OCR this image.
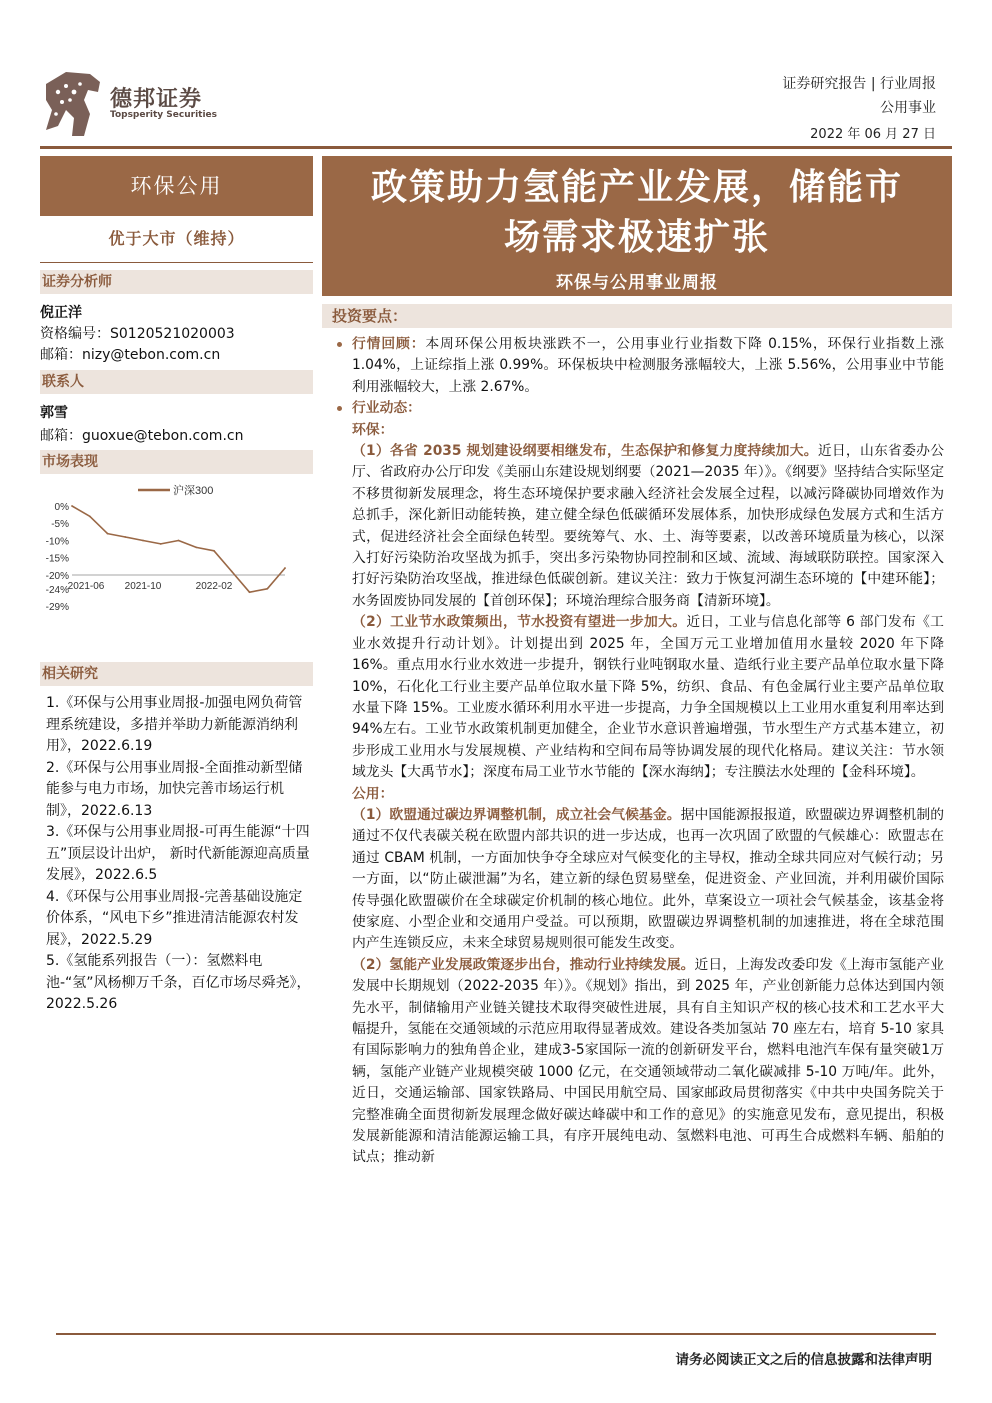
德邦证券
Topsperity Securities
证券研究报告 | 行业周报
公用事业
2022 年 06 月 27 日
环保公用
优于大市（维持）
证券分析师
倪正洋
资格编号：S0120521020003
邮箱：nizy@tebon.com.cn
联系人
郭雪
邮箱：guoxue@tebon.com.cn
市场表现
沪深300
0%
-5%
-10%
-15%
-20%
-24%
-29%
2021-06 2021-10	2022-02
相关研究
1.《环保与公用事业周报-加强电网负荷管理系统建设，多措并举助力新能源消纳利用》，2022.6.19
2.《环保与公用事业周报-全面推动新型储能参与电力市场，加快完善市场运行机制》，2022.6.13
3.《环保与公用事业周报-可再生能源“十四五”顶层设计出炉， 新时代新能源迎高质量发展》，2022.6.5
4.《环保与公用事业周报-完善基础设施定价体系，“风电下乡”推进清洁能源农村发展》，2022.5.29
5.《氢能系列报告（一）：氢燃料电池-“氢”风杨柳万千条，百亿市场尽舜尧》，2022.5.26
政策助力氢能产业发展，储能市
场需求极速扩张
环保与公用事业周报
投资要点：

行情回顾：本周环保公用板块涨跌不一，公用事业行业指数下降 0.15%，环保行业指数上涨 1.04%，上证综指上涨 0.99%。环保板块中检测服务涨幅较大，上涨 5.56%，公用事业中节能利用涨幅较大，上涨 2.67%。

行业动态：

环保：

（1）各省 2035 规划建设纲要相继发布，生态保护和修复力度持续加大。近日，山东省委办公厅、省政府办公厅印发《美丽山东建设规划纲要（2021—2035 年）》。《纲要》坚持结合实际坚定不移贯彻新发展理念，将生态环境保护要求融入经济社会发展全过程，以减污降碳协同增效作为总抓手，深化新旧动能转换，建立健全绿色低碳循环发展体系，加快形成绿色发展方式和生活方式，促进经济社会全面绿色转型。要统筹气、水、土、海等要素，以改善环境质量为核心，以深入打好污染防治攻坚战为抓手，突出多污染物协同控制和区域、流域、海域联防联控。国家深入打好污染防治攻坚战，推进绿色低碳创新。建议关注：致力于恢复河湖生态环境的【中建环能】；水务固废协同发展的【首创环保】；环境治理综合服务商【清新环境】。

（2）工业节水政策频出，节水投资有望进一步加大。近日，工业与信息化部等 6 部门发布《工业水效提升行动计划》。计划提出到 2025 年，全国万元工业增加值用水量较 2020 年下降 16%。重点用水行业水效进一步提升，钢铁行业吨钢取水量、造纸行业主要产品单位取水量下降 10%，石化化工行业主要产品单位取水量下降 5%，纺织、食品、有色金属行业主要产品单位取水量下降 15%。工业废水循环利用水平进一步提高，力争全国规模以上工业用水重复利用率达到 94%左右。工业节水政策机制更加健全，企业节水意识普遍增强，节水型生产方式基本建立，初步形成工业用水与发展规模、产业结构和空间布局等协调发展的现代化格局。建议关注：节水领域龙头【大禹节水】；深度布局工业节水节能的【深水海纳】；专注膜法水处理的【金科环境】。

公用：

（1）欧盟通过碳边界调整机制，成立社会气候基金。据中国能源报报道，欧盟碳边界调整机制的通过不仅代表碳关税在欧盟内部共识的进一步达成，也再一次巩固了欧盟的气候雄心：欧盟志在通过 CBAM 机制，一方面加快争夺全球应对气候变化的主导权，推动全球共同应对气候行动；另一方面，以“防止碳泄漏”为名，建立新的绿色贸易壁垒，促进资金、产业回流，并利用碳价国际传导强化欧盟碳价在全球碳定价机制的核心地位。此外，草案设立一项社会气候基金，该基金将使家庭、小型企业和交通用户受益。可以预期，欧盟碳边界调整机制的加速推进，将在全球范围内产生连锁反应，未来全球贸易规则很可能发生改变。

（2）氢能产业发展政策逐步出台，推动行业持续发展。近日，上海发改委印发《上海市氢能产业发展中长期规划（2022-2035 年）》。《规划》指出，到 2025 年，产业创新能力总体达到国内领先水平，制储输用产业链关键技术取得突破性进展，具有自主知识产权的核心技术和工艺水平大幅提升，氢能在交通领域的示范应用取得显著成效。建设各类加氢站 70 座左右，培育 5-10 家具有国际影响力的独角兽企业，建成3-5家国际一流的创新研发平台，燃料电池汽车保有量突破1万辆，氢能产业链产业规模突破 1000 亿元，在交通领域带动二氧化碳减排 5-10 万吨/年。此外，近日，交通运输部、国家铁路局、中国民用航空局、国家邮政局贯彻落实《中共中央国务院关于完整准确全面贯彻新发展理念做好碳达峰碳中和工作的意见》的实施意见发布，意见提出，积极发展新能源和清洁能源运输工具，有序开展纯电动、氢燃料电池、可再生合成燃料车辆、船舶的试点；推动新

请务必阅读正文之后的信息披露和法律声明
